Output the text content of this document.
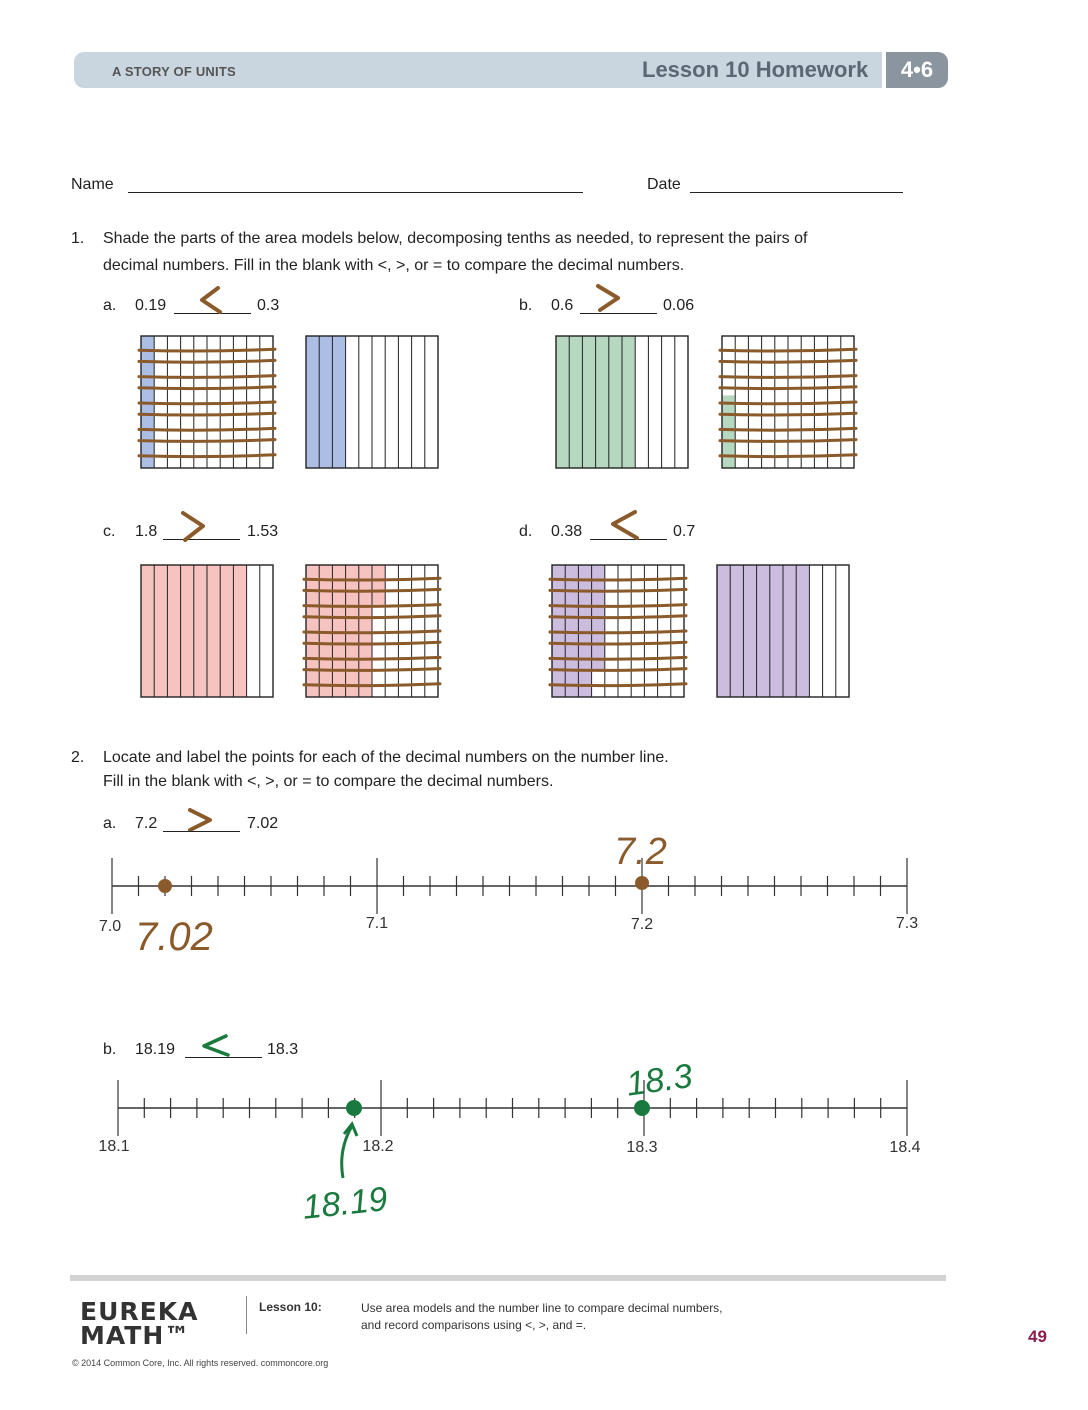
A STORY OF UNITS	Lesson 10 Homework	4•6
Name	Date
1. Shade the parts of the area models below, decomposing tenths as needed, to represent the pairs of
decimal numbers. Fill in the blank with <, >, or = to compare the decimal numbers.
a. 0.19	0.3	b. 0.6	0.06
c. 1.8	1.53	d. 0.38	0.7
2. Locate and label the points for each of the decimal numbers on the number line.
Fill in the blank with <, >, or = to compare the decimal numbers.
a. 7.2	7.02
7.2
7.02
7.0	7.1	7.2	7.3
b. 18.19	18.3
18.3
18.19
18.1	18.2	18.3	18.4
EUREKA
MATH™
Lesson 10:	Use area models and the number line to compare decimal numbers,
and record comparisons using <, >, and =.
49
© 2014 Common Core, Inc. All rights reserved. commoncore.org
